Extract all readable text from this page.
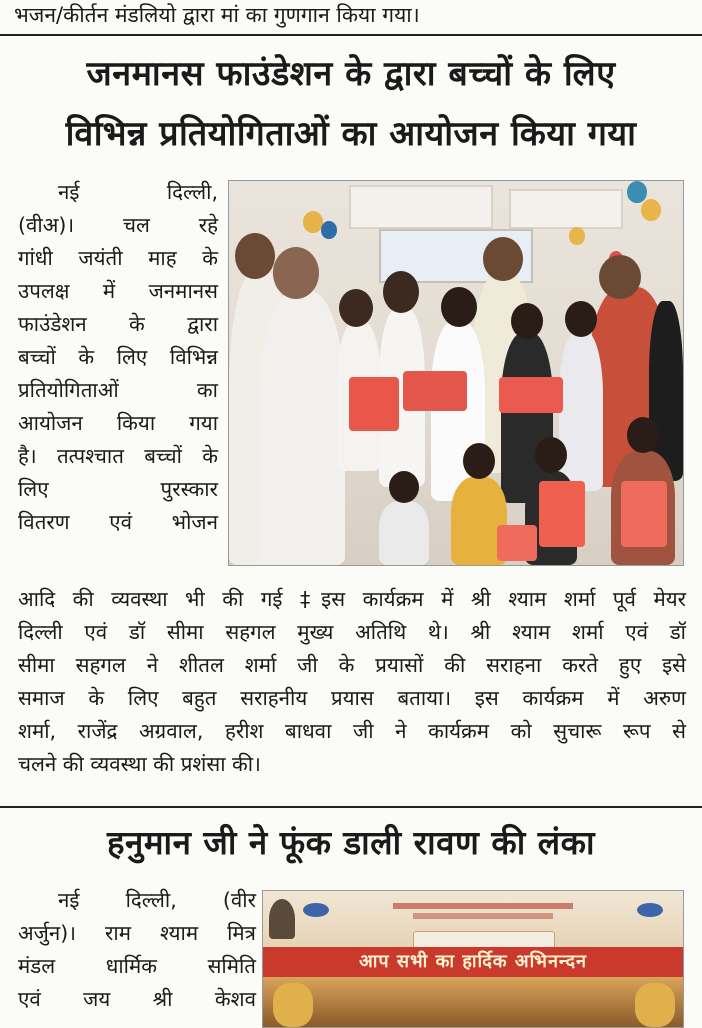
भजन/कीर्तन मंडलियो द्वारा मां का गुणगान किया गया।
जनमानस फाउंडेशन के द्वारा बच्चों के लिए
विभिन्न प्रतियोगिताओं का आयोजन किया गया
नई दिल्ली,
(वीअ)। चल रहे
गांधी जयंती माह के
उपलक्ष में जनमानस
फाउंडेशन के द्वारा
बच्चों के लिए विभिन्न
प्रतियोगिताओं का
आयोजन किया गया
है। तत्पश्चात बच्चों के
लिए पुरस्कार
वितरण एवं भोजन
आदि की व्यवस्था भी की गई ‡इस कार्यक्रम में श्री श्याम शर्मा पूर्व मेयर
दिल्ली एवं डॉ सीमा सहगल मुख्य अतिथि थे। श्री श्याम शर्मा एवं डॉ
सीमा सहगल ने शीतल शर्मा जी के प्रयासों की सराहना करते हुए इसे
समाज के लिए बहुत सराहनीय प्रयास बताया। इस कार्यक्रम में अरुण
शर्मा, राजेंद्र अग्रवाल, हरीश बाधवा जी ने कार्यक्रम को सुचारू रूप से
चलने की व्यवस्था की प्रशंसा की।
हनुमान जी ने फूंक डाली रावण की लंका
नई दिल्ली, (वीर
अर्जुन)। राम श्याम मित्र
मंडल धार्मिक समिति
एवं जय श्री केशव
आप सभी का हार्दिक अभिनन्दन
